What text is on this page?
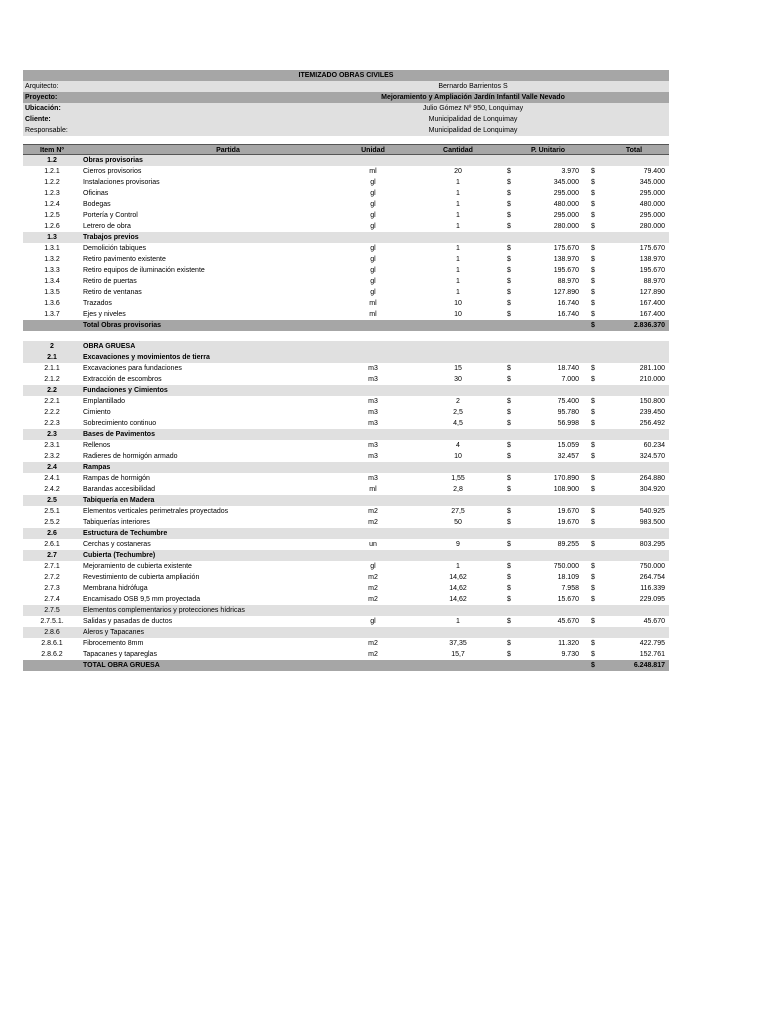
ITEMIZADO OBRAS CIVILES
Arquitecto:	Bernardo Barrientos S
Proyecto:	Mejoramiento y Ampliación Jardín Infantil Valle Nevado
Ubicación:	Julio Gómez Nº 950, Lonquimay
Cliente:	Municipalidad de Lonquimay
Responsable:	Municipalidad de Lonquimay
Item Nº	Partida	Unidad	Cantidad	P. Unitario	Total
1.2	Obras provisorias
1.2.1	Cierros provisorios	ml	20	$	3.970 $	79.400
1.2.2	Instalaciones provisorias	gl	1	$	345.000 $	345.000
1.2.3	Oficinas	gl	1	$	295.000 $	295.000
1.2.4	Bodegas	gl	1	$	480.000 $	480.000
1.2.5	Portería y Control	gl	1	$	295.000 $	295.000
1.2.6	Letrero de obra	gl	1	$	280.000 $	280.000
1.3	Trabajos previos
1.3.1	Demolición tabiques	gl	1	$	175.670 $	175.670
1.3.2	Retiro pavimento existente	gl	1	$	138.970 $	138.970
1.3.3	Retiro equipos de iluminación existente	gl	1	$	195.670 $	195.670
1.3.4	Retiro de puertas	gl	1	$	88.970 $	88.970
1.3.5	Retiro de ventanas	gl	1	$	127.890 $	127.890
1.3.6	Trazados	ml	10	$	16.740 $	167.400
1.3.7	Ejes y niveles	ml	10	$	16.740 $	167.400
Total Obras provisorias	$	2.836.370
2	OBRA GRUESA
2.1	Excavaciones y movimientos de tierra
2.1.1	Excavaciones para fundaciones	m3	15	$	18.740 $	281.100
2.1.2	Extracción de escombros	m3	30	$	7.000 $	210.000
2.2	Fundaciones y Cimientos
2.2.1	Emplantillado	m3	2	$	75.400 $	150.800
2.2.2	Cimiento	m3	2,5	$	95.780 $	239.450
2.2.3	Sobrecimiento continuo	m3	4,5	$	56.998 $	256.492
2.3	Bases de Pavimentos
2.3.1	Rellenos	m3	4	$	15.059 $	60.234
2.3.2	Radieres de hormigón armado	m3	10	$	32.457 $	324.570
2.4	Rampas
2.4.1	Rampas de hormigón	m3	1,55	$	170.890 $	264.880
2.4.2	Barandas accesibilidad	ml	2,8	$	108.900 $	304.920
2.5	Tabiquería en Madera
2.5.1	Elementos verticales perimetrales proyectados	m2	27,5	$	19.670 $	540.925
2.5.2	Tabiquerías interiores	m2	50	$	19.670 $	983.500
2.6	Estructura de Techumbre
2.6.1	Cerchas y costaneras	un	9	$	89.255 $	803.295
2.7	Cubierta (Techumbre)
2.7.1	Mejoramiento de cubierta existente	gl	1	$	750.000 $	750.000
2.7.2	Revestimiento de cubierta ampliación	m2	14,62	$	18.109 $	264.754
2.7.3	Membrana hidrófuga	m2	14,62	$	7.958 $	116.339
2.7.4	Encamisado OSB 9,5 mm proyectada	m2	14,62	$	15.670 $	229.095
2.7.5	Elementos complementarios y protecciones hídricas
2.7.5.1.	Salidas y pasadas de ductos	gl	1	$	45.670 $	45.670
2.8.6	Aleros y Tapacanes
2.8.6.1	Fibrocemento 8mm	m2	37,35	$	11.320 $	422.795
2.8.6.2	Tapacanes y tapareglas	m2	15,7	$	9.730 $	152.761
TOTAL OBRA GRUESA	$	6.248.817
